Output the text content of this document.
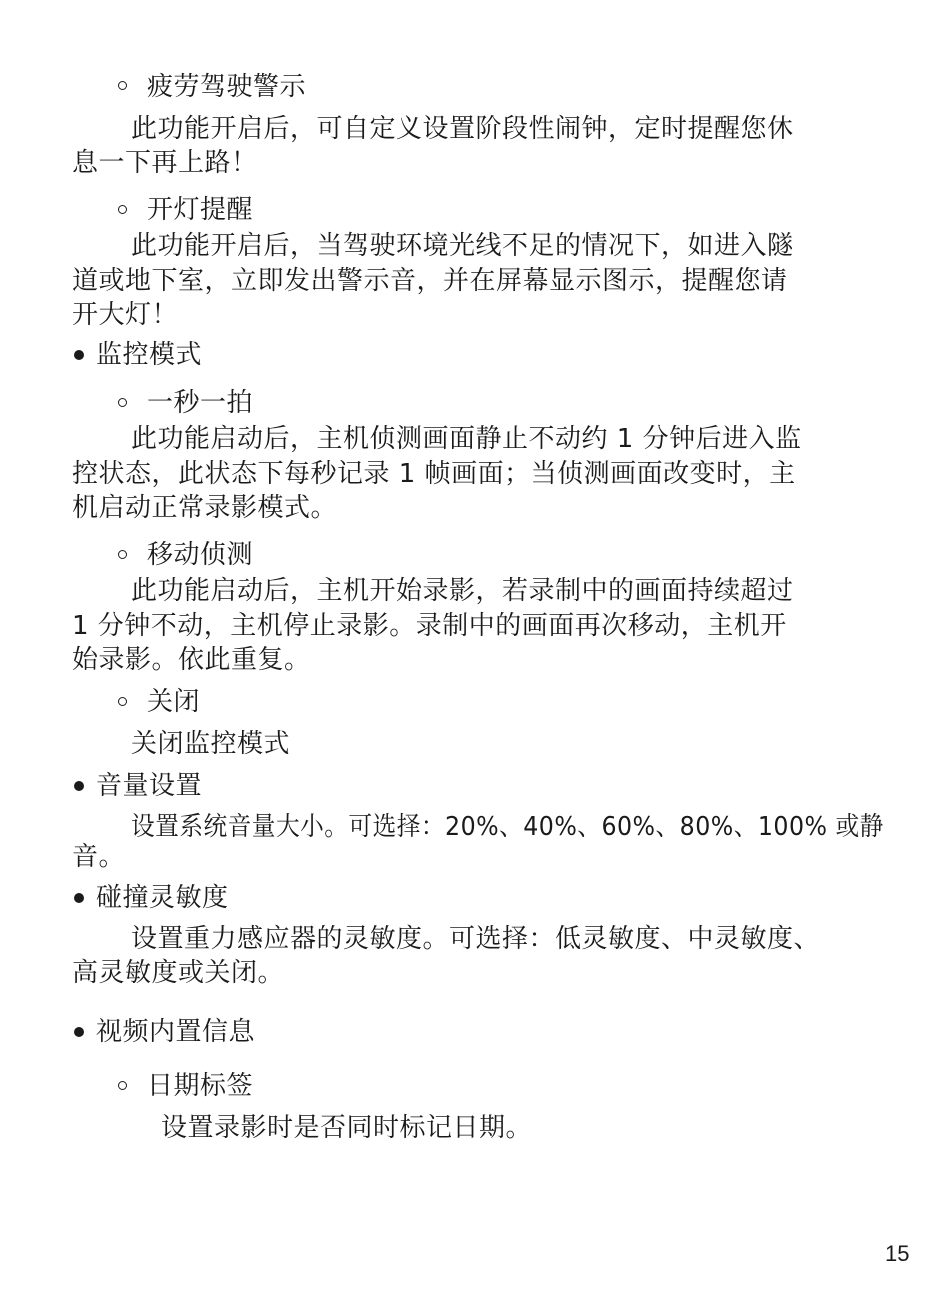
疲劳驾驶警示
此功能开启后，可自定义设置阶段性闹钟，定时提醒您休
息一下再上路！
开灯提醒
此功能开启后，当驾驶环境光线不足的情况下，如进入隧
道或地下室，立即发出警示音，并在屏幕显示图示，提醒您请
开大灯！
监控模式
一秒一拍
此功能启动后，主机侦测画面静止不动约 1 分钟后进入监
控状态，此状态下每秒记录 1 帧画面；当侦测画面改变时，主
机启动正常录影模式。
移动侦测
此功能启动后，主机开始录影，若录制中的画面持续超过
1 分钟不动，主机停止录影。录制中的画面再次移动，主机开
始录影。依此重复。
关闭
关闭监控模式
音量设置
设置系统音量大小。可选择：20%、40%、60%、80%、100% 或静
音。
碰撞灵敏度
设置重力感应器的灵敏度。可选择：低灵敏度、中灵敏度、
高灵敏度或关闭。
视频内置信息
日期标签
设置录影时是否同时标记日期。
15
